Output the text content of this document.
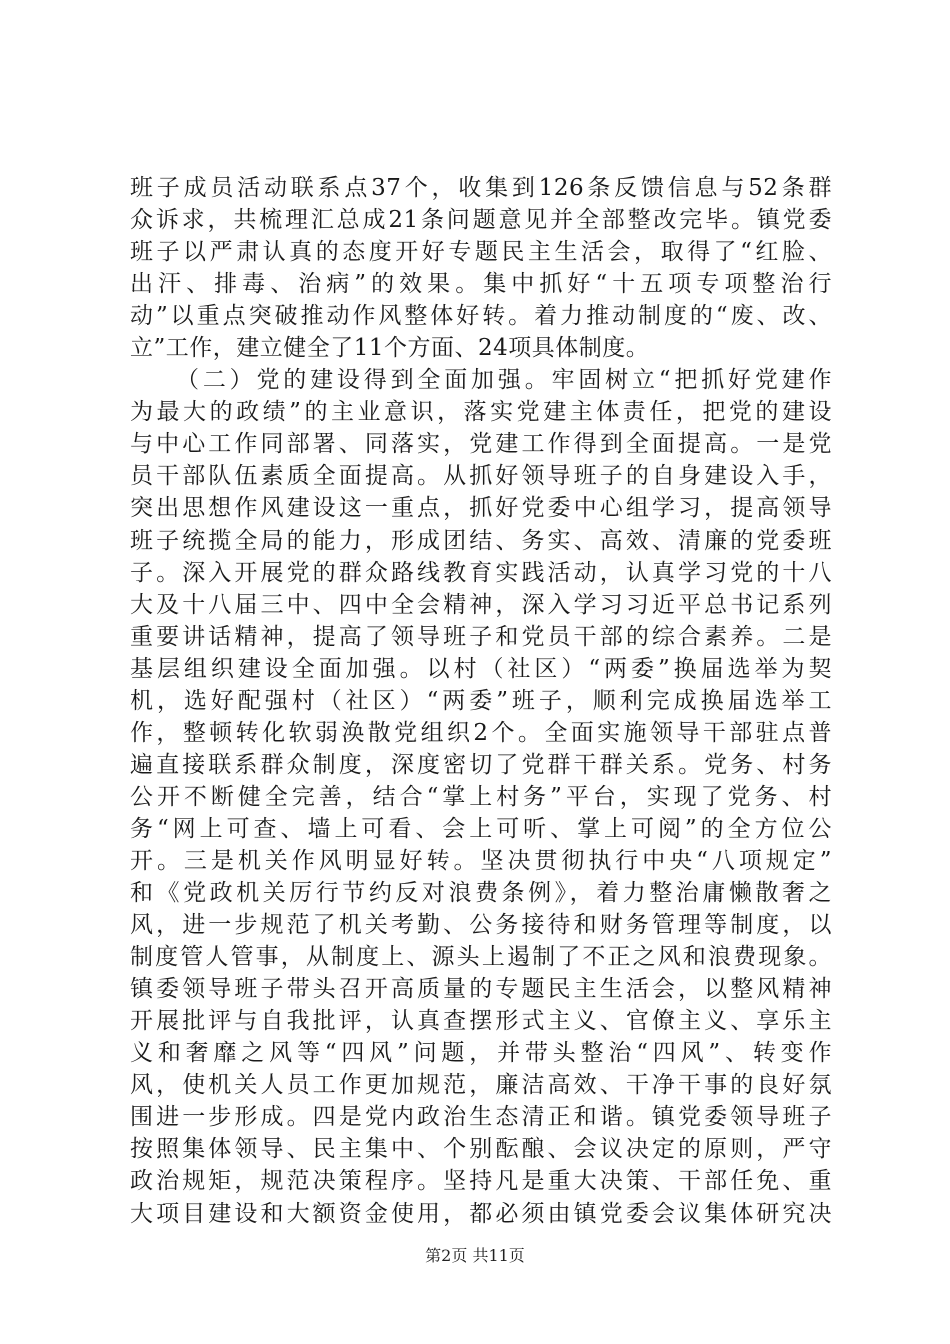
班子成员活动联系点37个，收集到126条反馈信息与52条群
众诉求，共梳理汇总成21条问题意见并全部整改完毕。镇党委
班子以严肃认真的态度开好专题民主生活会，取得了“红脸、
出汗、排毒、治病”的效果。集中抓好“十五项专项整治行
动”以重点突破推动作风整体好转。着力推动制度的“废、改、
立”工作，建立健全了11个方面、24项具体制度。
（二）党的建设得到全面加强。牢固树立“把抓好党建作
为最大的政绩”的主业意识，落实党建主体责任，把党的建设
与中心工作同部署、同落实，党建工作得到全面提高。一是党
员干部队伍素质全面提高。从抓好领导班子的自身建设入手，
突出思想作风建设这一重点，抓好党委中心组学习，提高领导
班子统揽全局的能力，形成团结、务实、高效、清廉的党委班
子。深入开展党的群众路线教育实践活动，认真学习党的十八
大及十八届三中、四中全会精神，深入学习习近平总书记系列
重要讲话精神，提高了领导班子和党员干部的综合素养。二是
基层组织建设全面加强。以村（社区）“两委”换届选举为契
机，选好配强村（社区）“两委”班子，顺利完成换届选举工
作，整顿转化软弱涣散党组织2个。全面实施领导干部驻点普
遍直接联系群众制度，深度密切了党群干群关系。党务、村务
公开不断健全完善，结合“掌上村务”平台，实现了党务、村
务“网上可查、墙上可看、会上可听、掌上可阅”的全方位公
开。三是机关作风明显好转。坚决贯彻执行中央“八项规定”
和《党政机关厉行节约反对浪费条例》，着力整治庸懒散奢之
风，进一步规范了机关考勤、公务接待和财务管理等制度，以
制度管人管事，从制度上、源头上遏制了不正之风和浪费现象。
镇委领导班子带头召开高质量的专题民主生活会，以整风精神
开展批评与自我批评，认真查摆形式主义、官僚主义、享乐主
义和奢靡之风等“四风”问题，并带头整治“四风”、转变作
风，使机关人员工作更加规范，廉洁高效、干净干事的良好氛
围进一步形成。四是党内政治生态清正和谐。镇党委领导班子
按照集体领导、民主集中、个别酝酿、会议决定的原则，严守
政治规矩，规范决策程序。坚持凡是重大决策、干部任免、重
大项目建设和大额资金使用，都必须由镇党委会议集体研究决
第2页 共11页
